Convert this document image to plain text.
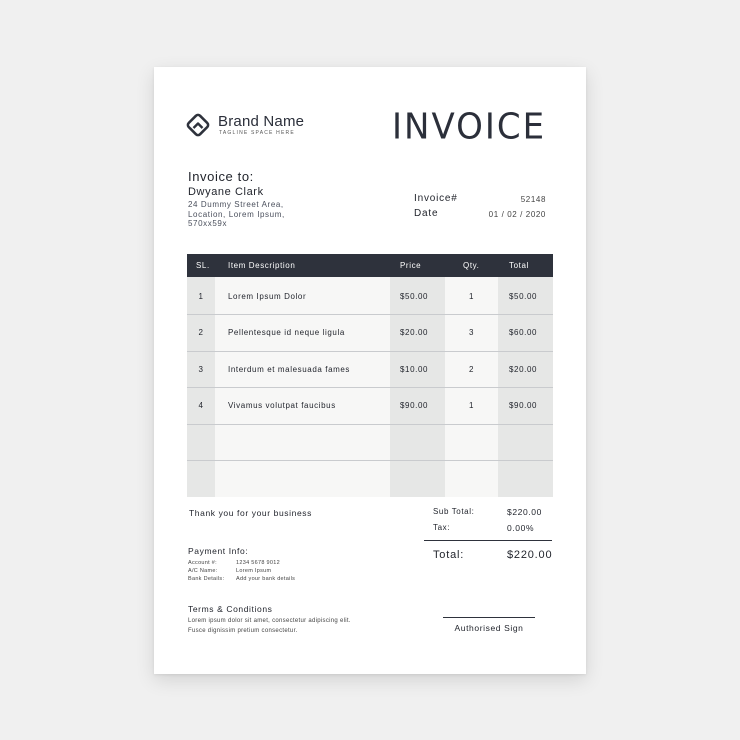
Brand Name
TAGLINE SPACE HERE	INVOICE
Invoice to:
Dwyane Clark
24 Dummy Street Area,
Location, Lorem Ipsum,
570xx59x
Invoice#	52148
Date	01 / 02 / 2020
SL. Item Description	Price	Qty.	Total
1	Lorem Ipsum Dolor	$50.00	1	$50.00
2	Pellentesque id neque ligula	$20.00	3	$60.00
3	Interdum et malesuada fames	$10.00	2	$20.00
4	Vivamus volutpat faucibus	$90.00	1	$90.00
Thank you for your business	Sub Total:	$220.00
Tax:	0.00%
Total:	$220.00
Payment Info:
Account #:	1234 5678 9012
A/C Name:	Lorem Ipsum
Bank Details: Add your bank details
Terms & Conditions
Lorem ipsum dolor sit amet, consectetur adipiscing elit. Fusce dignissim pretium consectetur.	Authorised Sign
